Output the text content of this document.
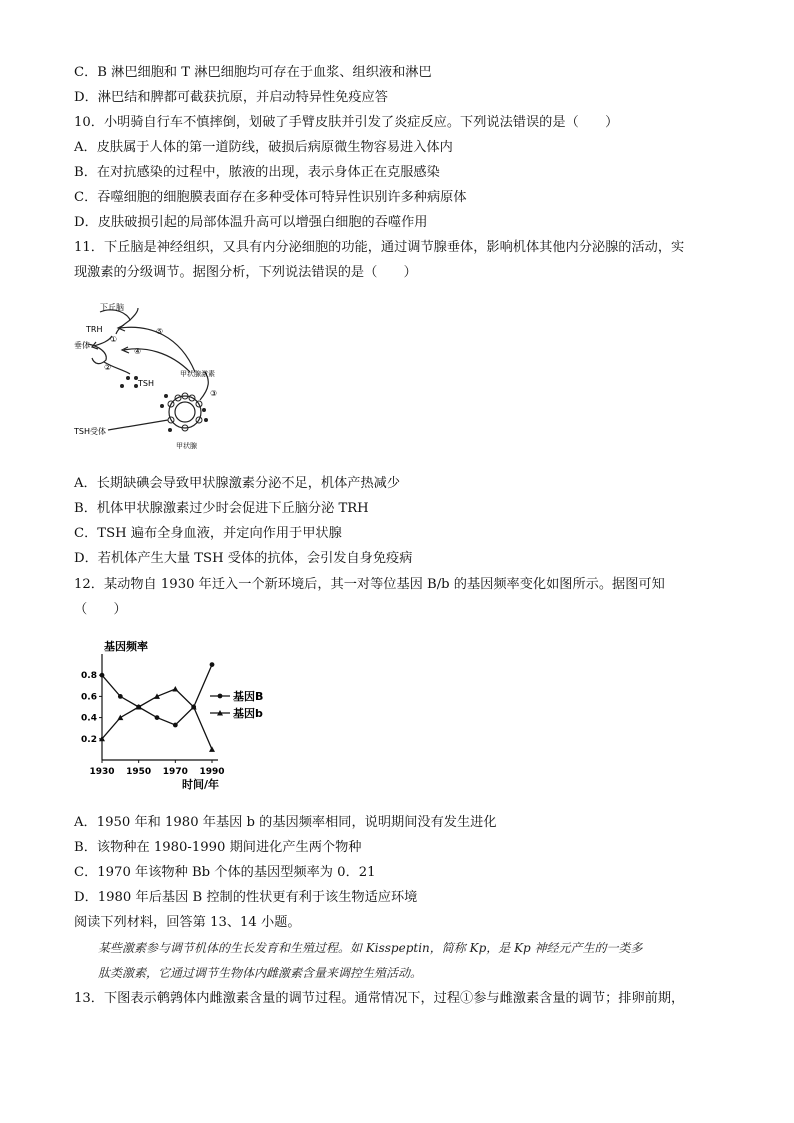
C．B 淋巴细胞和 T 淋巴细胞均可存在于血浆、组织液和淋巴
D．淋巴结和脾都可截获抗原，并启动特异性免疫应答
10．小明骑自行车不慎摔倒，划破了手臂皮肤并引发了炎症反应。下列说法错误的是（　　）
A．皮肤属于人体的第一道防线，破损后病原微生物容易进入体内
B．在对抗感染的过程中，脓液的出现，表示身体正在克服感染
C．吞噬细胞的细胞膜表面存在多种受体可特异性识别许多种病原体
D．皮肤破损引起的局部体温升高可以增强白细胞的吞噬作用
11．下丘脑是神经组织，又具有内分泌细胞的功能，通过调节腺垂体，影响机体其他内分泌腺的活动，实
现激素的分级调节。据图分析，下列说法错误的是（　　）
下丘脑
TRH
垂体
TSH
甲状腺激素
TSH受体
甲状腺
①
②
③
④
⑤
A．长期缺碘会导致甲状腺激素分泌不足，机体产热减少
B．机体甲状腺激素过少时会促进下丘脑分泌 TRH
C．TSH 遍布全身血液，并定向作用于甲状腺
D．若机体产生大量 TSH 受体的抗体，会引发自身免疫病
12．某动物自 1930 年迁入一个新环境后，其一对等位基因 B/b 的基因频率变化如图所示。据图可知
（　　）
0.2
0.4
0.6
0.8
1930 1950 1970 1990
基因频率
时间/年
基因B
基因b
A．1950 年和 1980 年基因 b 的基因频率相同，说明期间没有发生进化
B．该物种在 1980-1990 期间进化产生两个物种
C．1970 年该物种 Bb 个体的基因型频率为 0．21
D．1980 年后基因 B 控制的性状更有利于该生物适应环境
阅读下列材料，回答第 13、14 小题。
某些激素参与调节机体的生长发育和生殖过程。如 Kisspeptin，简称 Kp，是 Kp 神经元产生的一类多
肽类激素，它通过调节生物体内雌激素含量来调控生殖活动。
13．下图表示鹌鹑体内雌激素含量的调节过程。通常情况下，过程①参与雌激素含量的调节；排卵前期，
